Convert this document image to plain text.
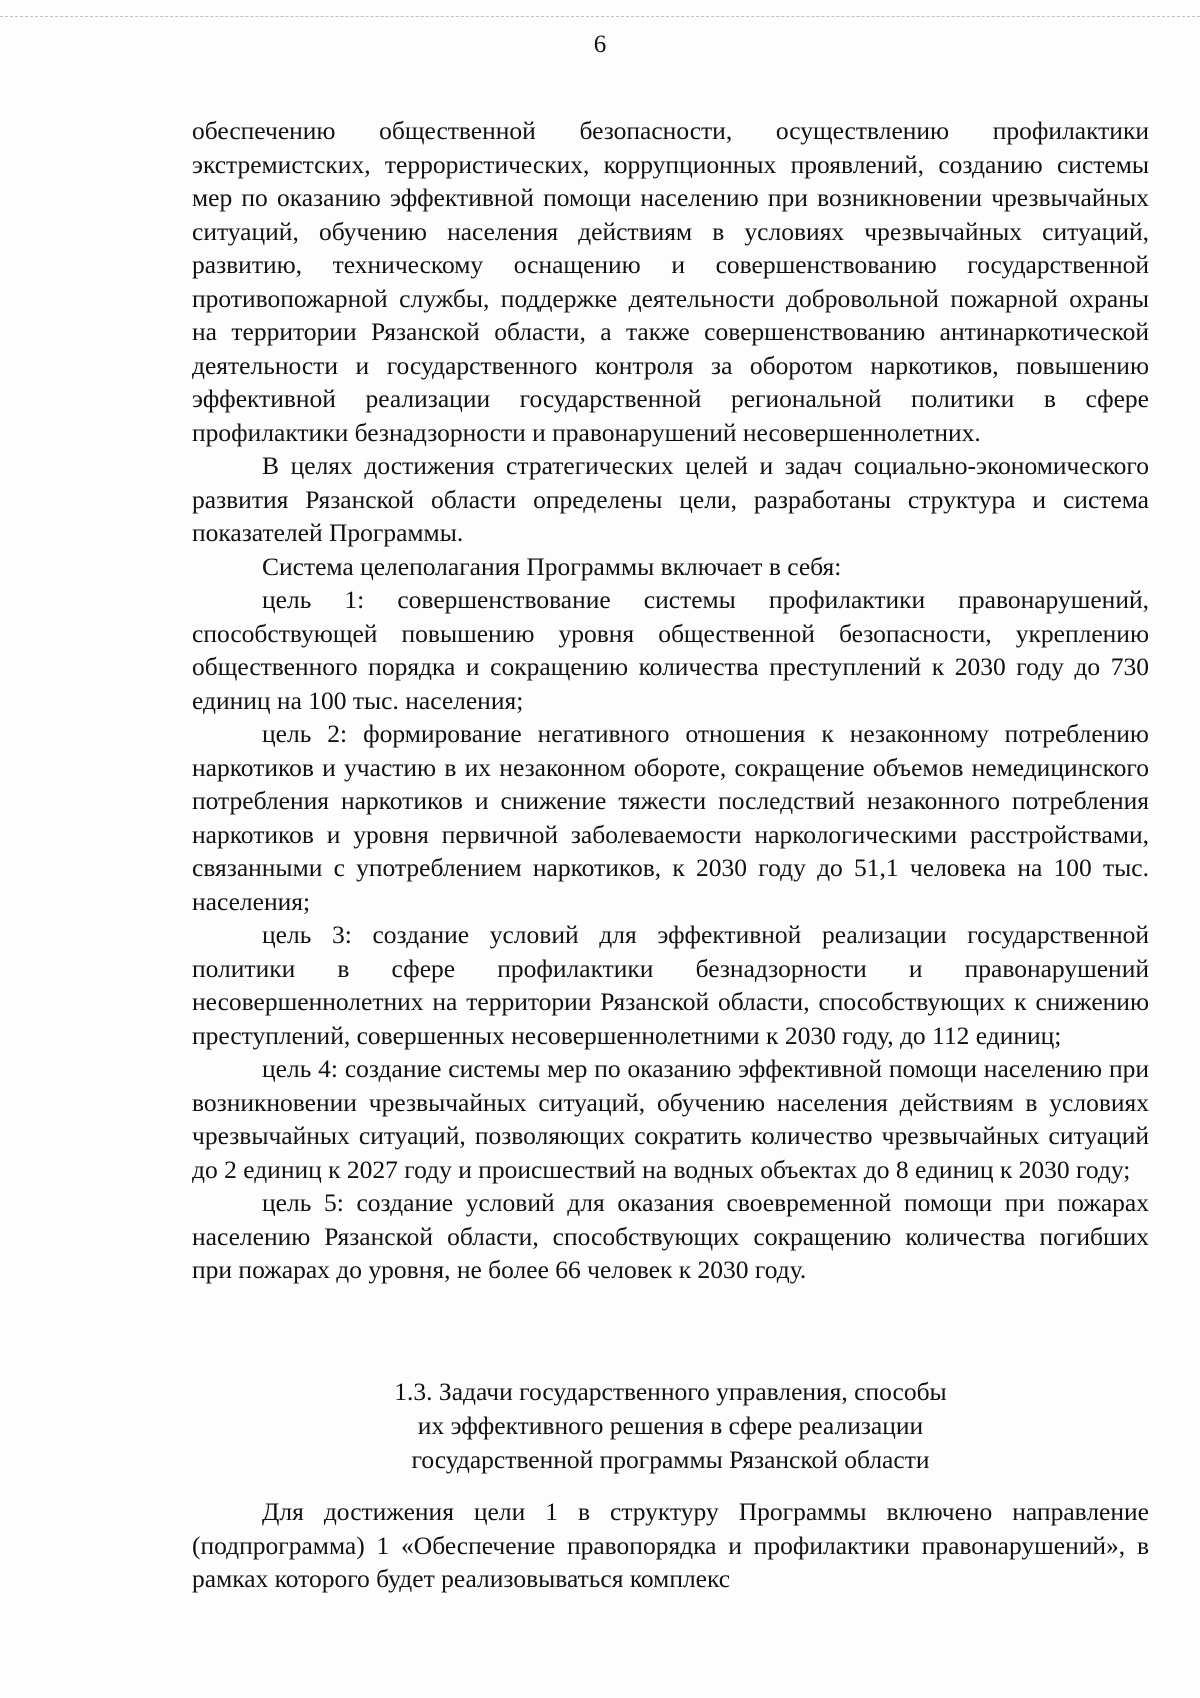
6

обеспечению общественной безопасности, осуществлению профилактики экстремистских, террористических, коррупционных проявлений, созданию системы мер по оказанию эффективной помощи населению при возникновении чрезвычайных ситуаций, обучению населения действиям в условиях чрезвычайных ситуаций, развитию, техническому оснащению и совершенствованию государственной противопожарной службы, поддержке деятельности добровольной пожарной охраны на территории Рязанской области, а также совершенствованию антинаркотической деятельности и государственного контроля за оборотом наркотиков, повышению эффективной реализации государственной региональной политики в сфере профилактики безнадзорности и правонарушений несовершеннолетних.

В целях достижения стратегических целей и задач социально-экономического развития Рязанской области определены цели, разработаны структура и система показателей Программы.

Система целеполагания Программы включает в себя:

цель 1: совершенствование системы профилактики правонарушений, способствующей повышению уровня общественной безопасности, укреплению общественного порядка и сокращению количества преступлений к 2030 году до 730 единиц на 100 тыс. населения;

цель 2: формирование негативного отношения к незаконному потреблению наркотиков и участию в их незаконном обороте, сокращение объемов немедицинского потребления наркотиков и снижение тяжести последствий незаконного потребления наркотиков и уровня первичной заболеваемости наркологическими расстройствами, связанными с употреблением наркотиков, к 2030 году до 51,1 человека на 100 тыс. населения;

цель 3: создание условий для эффективной реализации государственной политики в сфере профилактики безнадзорности и правонарушений несовершеннолетних на территории Рязанской области, способствующих к снижению преступлений, совершенных несовершеннолетними к 2030 году, до 112 единиц;

цель 4: создание системы мер по оказанию эффективной помощи населению при возникновении чрезвычайных ситуаций, обучению населения действиям в условиях чрезвычайных ситуаций, позволяющих сократить количество чрезвычайных ситуаций до 2 единиц к 2027 году и происшествий на водных объектах до 8 единиц к 2030 году;

цель 5: создание условий для оказания своевременной помощи при пожарах населению Рязанской области, способствующих сокращению количества погибших при пожарах до уровня, не более 66 человек к 2030 году.

1.3. Задачи государственного управления, способы
их эффективного решения в сфере реализации
государственной программы Рязанской области

Для достижения цели 1 в структуру Программы включено направление (подпрограмма) 1 «Обеспечение правопорядка и профилактики правонарушений», в рамках которого будет реализовываться комплекс
